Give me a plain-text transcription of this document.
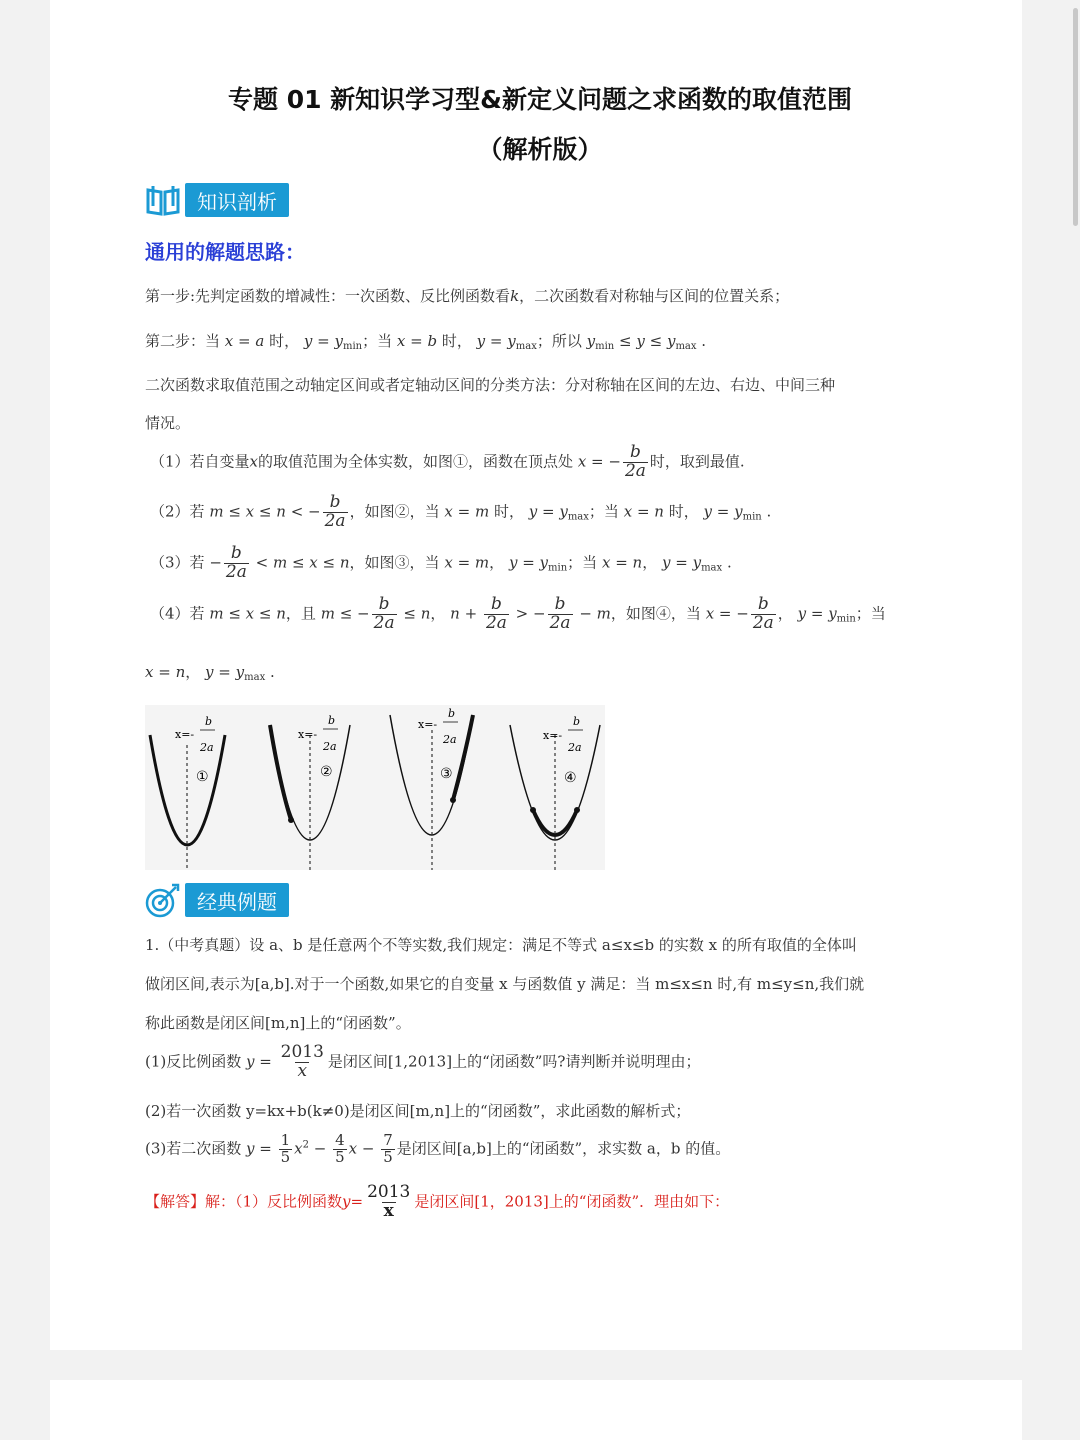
专题 01 新知识学习型&新定义问题之求函数的取值范围
（解析版）
知识剖析
通用的解题思路：
第一步:先判定函数的增减性：一次函数、反比例函数看k，二次函数看对称轴与区间的位置关系；
第二步：当 x = a 时， $y = y_{min}$；当 x = b 时， $y = y_{max}$；所以 $y_{min} \le y \le y_{max}$ .
二次函数求取值范围之动轴定区间或者定轴动区间的分类方法：分对称轴在区间的左边、右边、中间三种
情况。
（1）若自变量x的取值范围为全体实数，如图①，函数在顶点处 x = − $\frac{b}{2a}$ 时，取到最值.
（2）若 m ≤ x ≤ n < − $\frac{b}{2a}$ ，如图②，当 x = m 时， $y = y_{max}$；当 x = n 时， $y = y_{min}$ .
（3）若 − $\frac{b}{2a} < m \le x \le n$，如图③，当 x = m， $y = y_{min}$；当 x = n， $y = y_{max}$ .
（4）若 m ≤ x ≤ n，且 m ≤ − $\frac{b}{2a} \le n$， $n + \frac{b}{2a}$ > − $\frac{b}{2a} - m$，如图④，当 x = − $\frac{b}{2a}$ ， $y = y_{min}$；当
x = n， $y = y_{max}$ .
x=-
b
2a
①
x=-
b
2a
②
x=-
b
2a
③
x=-
b
2a
④
经典例题
1.（中考真题）设 a、b 是任意两个不等实数,我们规定：满足不等式 a≤x≤b 的实数 x 的所有取值的全体叫
做闭区间,表示为[a,b].对于一个函数,如果它的自变量 x 与函数值 y 满足：当 m≤x≤n 时,有 m≤y≤n,我们就
称此函数是闭区间[m,n]上的“闭函数”。
(1)反比例函数 $y = \frac{2013}{x}$ 是闭区间[1,2013]上的“闭函数”吗?请判断并说明理由；
(2)若一次函数 y=kx+b(k≠0)是闭区间[m,n]上的“闭函数”，求此函数的解析式；
(3)若二次函数 $y = \frac{1}{5} x^2 - \frac{4}{5}$ $x - \frac{7}{5}$ 是闭区间[a,b]上的“闭函数”，求实数 a，b 的值。
【解答】解：（1）反比例函数$y= \frac{2013}{x}$ 是闭区间[1，2013]上的“闭函数”．理由如下：
